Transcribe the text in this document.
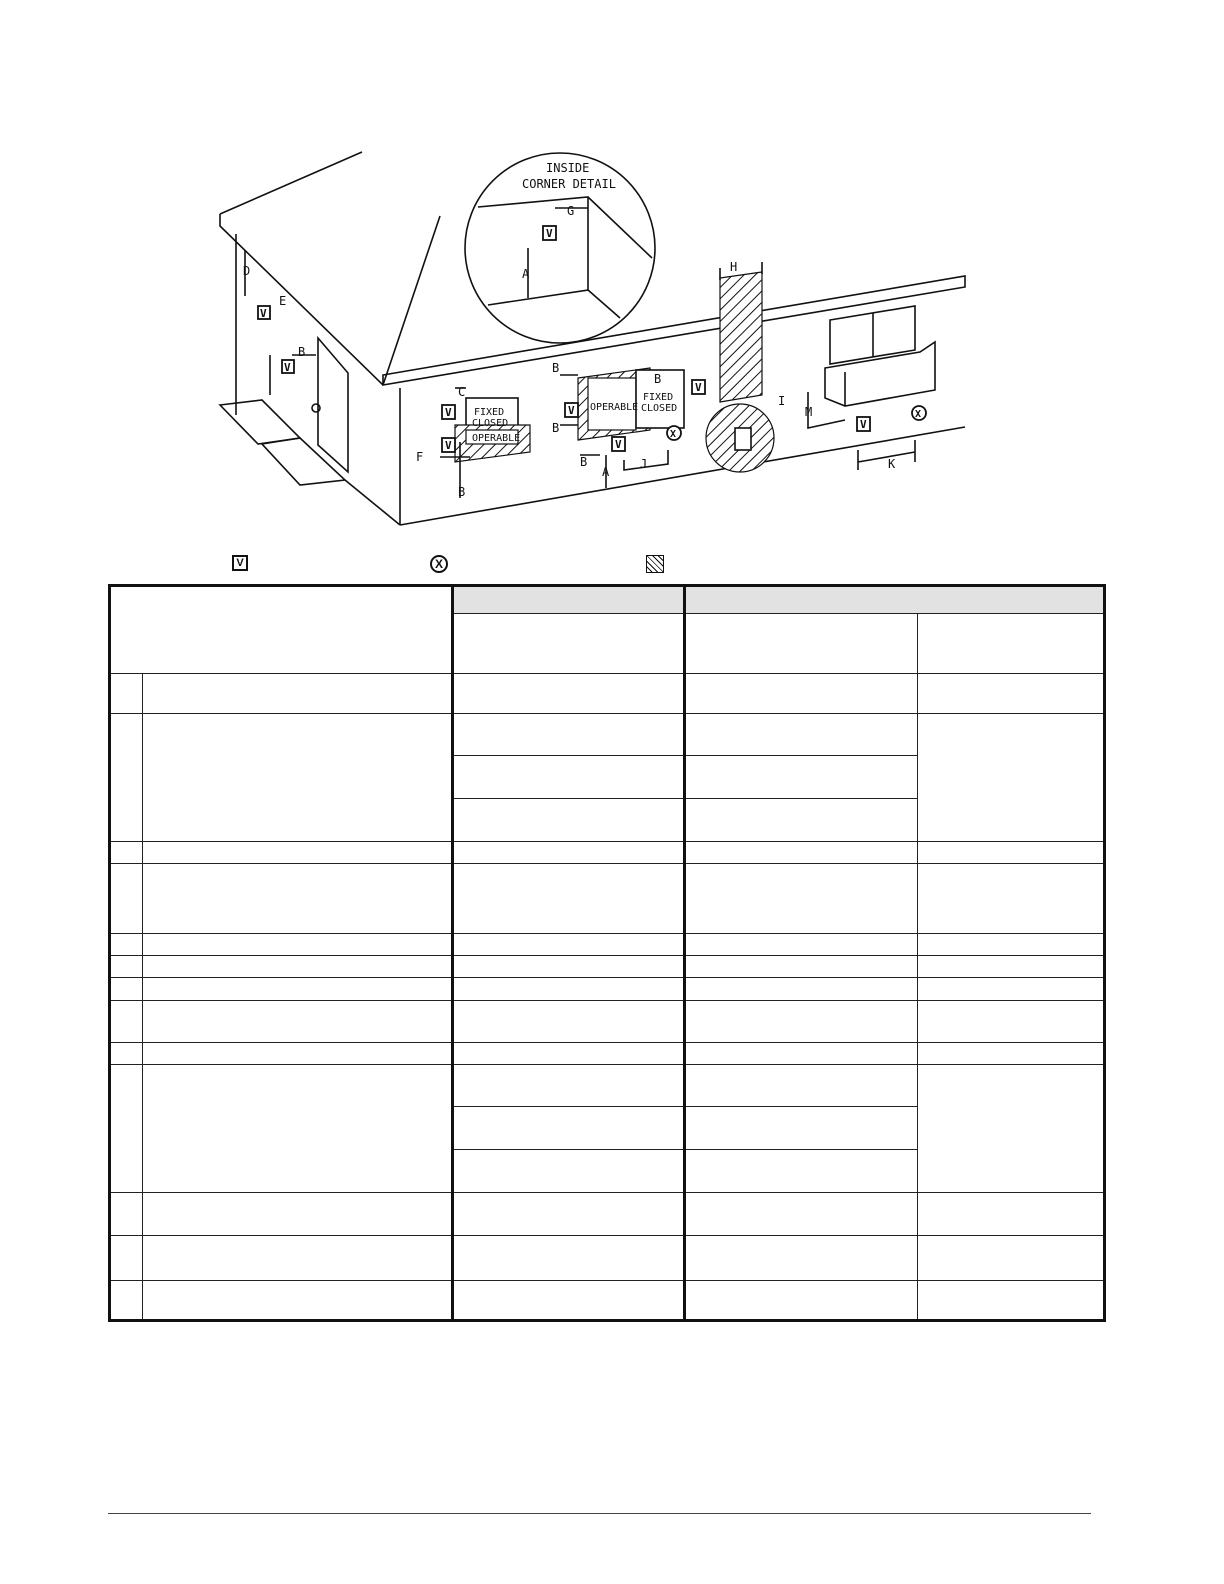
INSIDE
CORNER DETAIL
FIXED
CLOSED
OPERABLE
OPERABLE
FIXED
CLOSED
D
E
B
A
G
C
F
B
B
B
B
B
A
J
H
I
M
K
V
V
V
V
V
V
V
V
V
X
X
V	X
